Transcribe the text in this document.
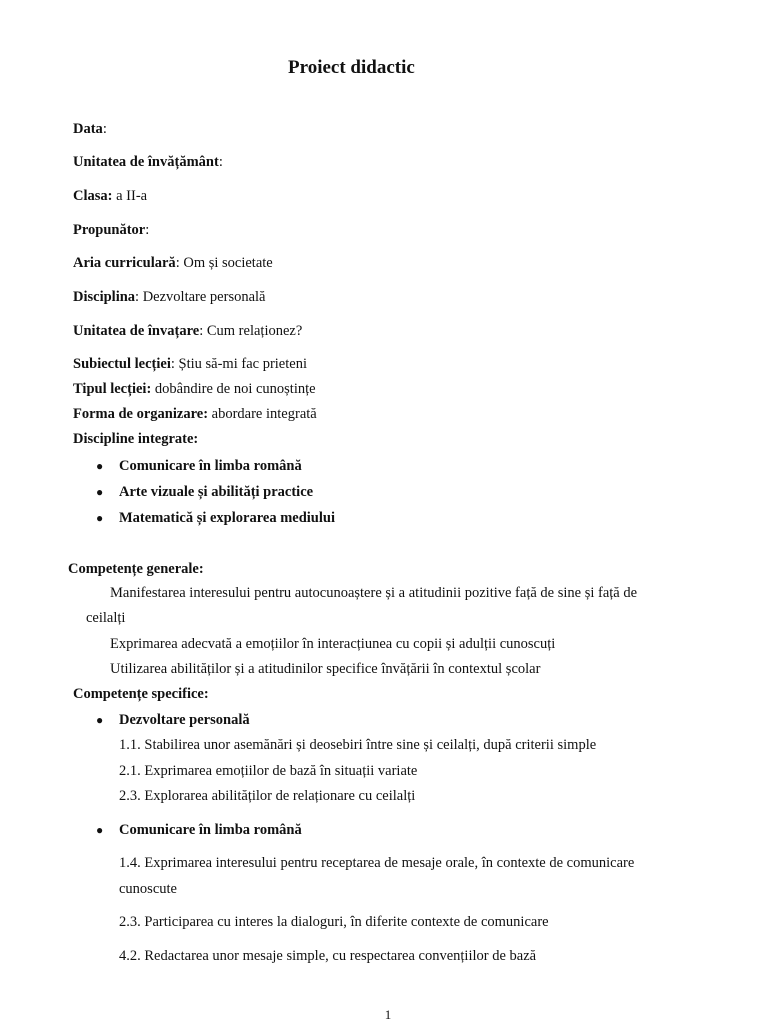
Proiect didactic
Data:
Unitatea de învățământ:
Clasa: a II-a
Propunător:
Aria curriculară: Om și societate
Disciplina: Dezvoltare personală
Unitatea de învațare: Cum relaționez?
Subiectul lecției: Știu să-mi fac prieteni
Tipul lecției: dobândire de noi cunoștințe
Forma de organizare: abordare integrată
Discipline integrate:
● Comunicare în limba română
● Arte vizuale și abilități practice
● Matematică și explorarea mediului
Competențe generale:
Manifestarea interesului pentru autocunoaștere și a atitudinii pozitive față de sine și față de
ceilalți
Exprimarea adecvată a emoțiilor în interacțiunea cu copii și adulții cunoscuți
Utilizarea abilităților și a atitudinilor specifice învățării în contextul școlar
Competențe specifice:
● Dezvoltare personală
1.1. Stabilirea unor asemănări și deosebiri între sine și ceilalți, după criterii simple
2.1. Exprimarea emoțiilor de bază în situații variate
2.3. Explorarea abilităților de relaționare cu ceilalți
● Comunicare în limba română
1.4. Exprimarea interesului pentru receptarea de mesaje orale, în contexte de comunicare
cunoscute
2.3. Participarea cu interes la dialoguri, în diferite contexte de comunicare
4.2. Redactarea unor mesaje simple, cu respectarea convențiilor de bază
1
